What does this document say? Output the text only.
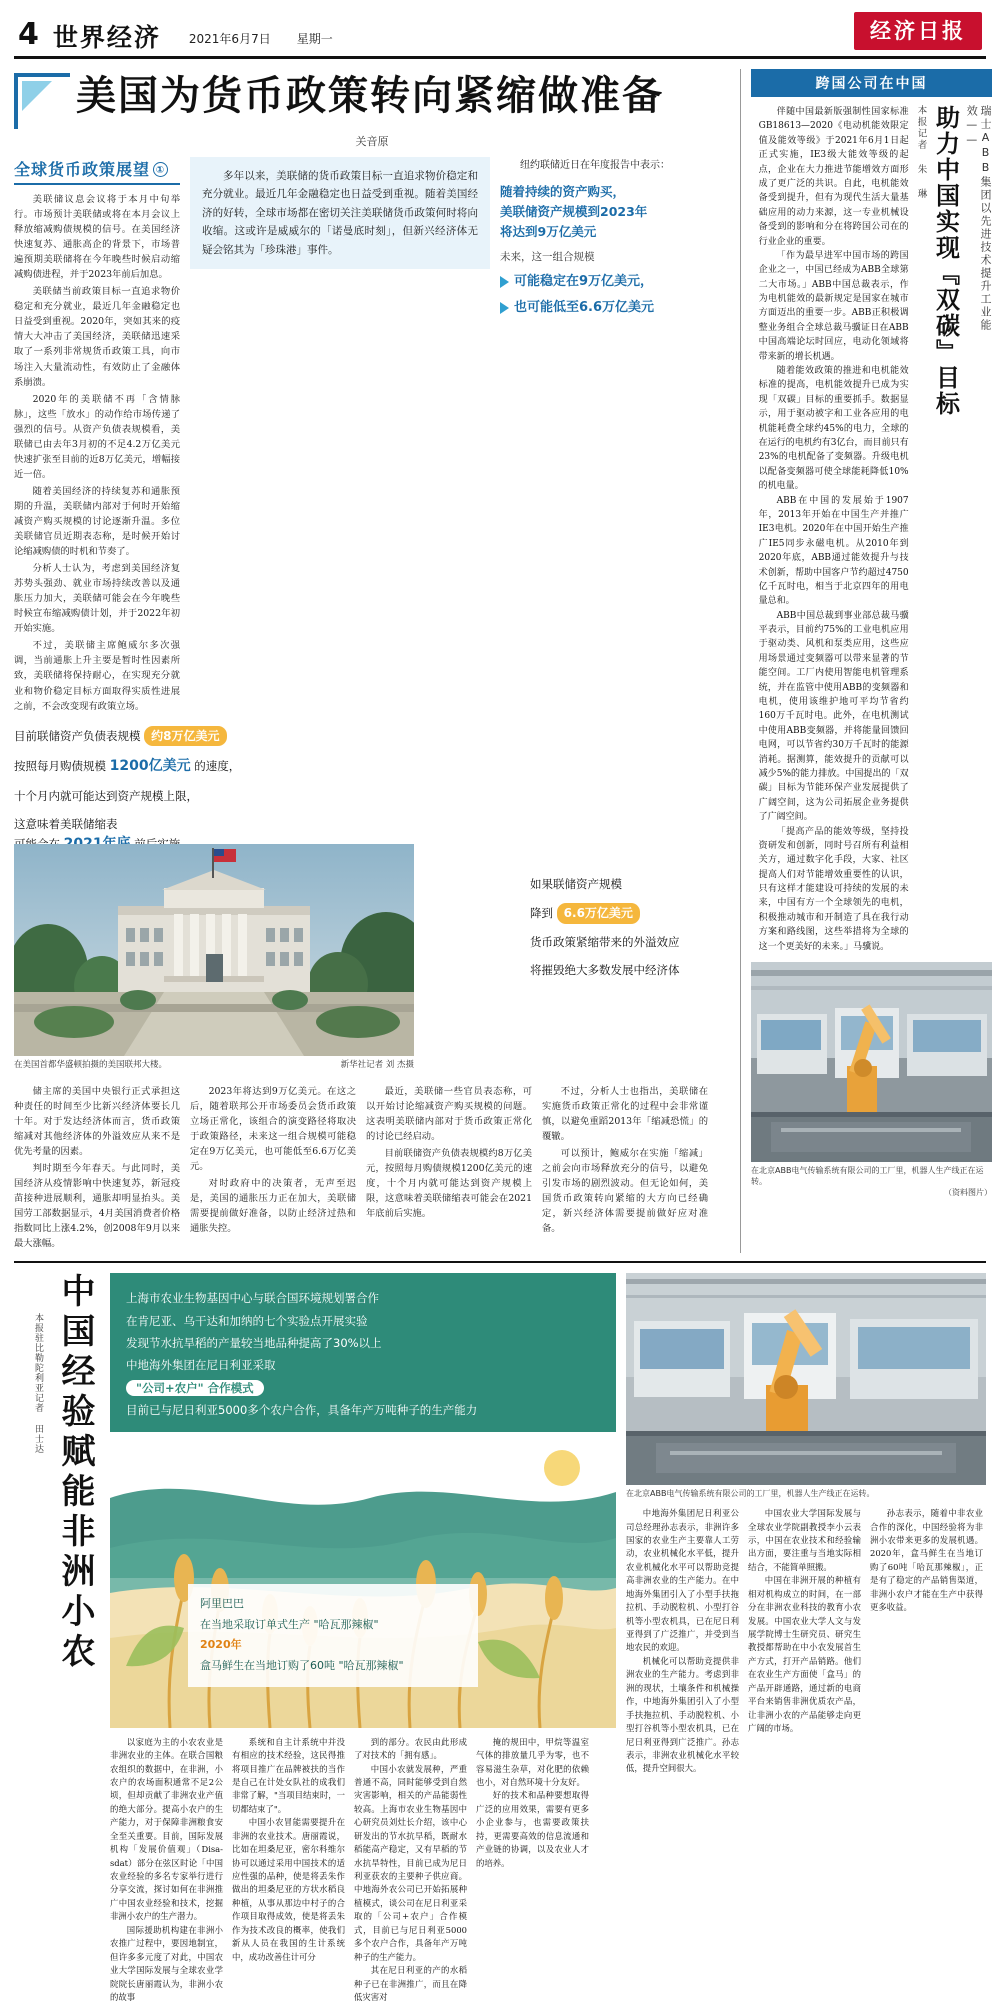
4 世界经济 2021年6月7日 星期一	经济日报
美国为货币政策转向紧缩做准备
关音原
全球货币政策展望 ①

美联储议息会议将于本月中旬举行。市场预计美联储或将在本月会议上释放缩减购债规模的信号。在美国经济快速复苏、通胀高企的背景下，市场普遍预期美联储将在今年晚些时候启动缩减购债进程，并于2023年前后加息。

美联储当前政策目标一直追求物价稳定和充分就业，最近几年金融稳定也日益受到重视。2020年，突如其来的疫情大大冲击了美国经济，美联储迅速采取了一系列非常规货币政策工具，向市场注入大量流动性，有效防止了金融体系崩溃。

2020年的美联储不再「含情脉脉」，这些「放水」的动作给市场传递了强烈的信号。从资产负债表规模看，美联储已由去年3月初的不足4.2万亿美元快速扩张至目前的近8万亿美元，增幅接近一倍。

随着美国经济的持续复苏和通胀预期的升温，美联储内部对于何时开始缩减资产购买规模的讨论逐渐升温。多位美联储官员近期表态称，是时候开始讨论缩减购债的时机和节奏了。

分析人士认为，考虑到美国经济复苏势头强劲、就业市场持续改善以及通胀压力加大，美联储可能会在今年晚些时候宣布缩减购债计划，并于2022年初开始实施。

不过，美联储主席鲍威尔多次强调，当前通胀上升主要是暂时性因素所致，美联储将保持耐心，在实现充分就业和物价稳定目标方面取得实质性进展之前，不会改变现有政策立场。

多年以来，美联储的货币政策目标一直追求物价稳定和充分就业。最近几年金融稳定也日益受到重视。随着美国经济的好转，全球市场都在密切关注美联储货币政策何时将向收缩。这或许是威威尔的「诺曼底时刻」，但新兴经济体无疑会铭其为「珍珠港」事件。
纽约联储近日在年度报告中表示：
随着持续的资产购买，
美联储资产规模到2023年
将达到9万亿美元
未来，这一组合规模
可能稳定在9万亿美元，
也可能低至6.6万亿美元
目前联储资产负债表规模 约8万亿美元
按照每月购债规模 1200亿美元 的速度，
十个月内就可能达到资产规模上限，
这意味着美联储缩表

如果联储资产规模
降到 6.6万亿美元
货币政策紧缩带来的外溢效应
将摧毁绝大多数发展中经济体
在美国首都华盛顿拍摄的美国联邦大楼。	新华社记者 刘 杰摄

储主席的美国中央银行正式承担这种责任的时间至少比新兴经济体要长几十年。对于发达经济体而言，货币政策缩减对其他经济体的外溢效应从来不是优先考量的因素。

判时期至今年春天。与此同时，美国经济从疫情影响中快速复苏，新冠疫苗接种进展顺利，通胀却明显抬头。美国劳工部数据显示，4月美国消费者价格指数同比上涨4.2%，创2008年9月以来最大涨幅。

2023年将达到9万亿美元。在这之后，随着联邦公开市场委员会货币政策立场正常化，该组合的演变路径将取决于政策路径，未来这一组合规模可能稳定在9万亿美元，也可能低至6.6万亿美元。

对时政府中的决策者，无声至迟是，美国的通胀压力正在加大，美联储需要提前做好准备，以防止经济过热和通胀失控。

最近，美联储一些官员表态称，可以开始讨论缩减资产购买规模的问题。这表明美联储内部对于货币政策正常化的讨论已经启动。

目前联储资产负债表规模约8万亿美元，按照每月购债规模1200亿美元的速度，十个月内就可能达到资产规模上限，这意味着美联储缩表可能会在2021年底前后实施。

不过，分析人士也指出，美联储在实施货币政策正常化的过程中会非常谨慎，以避免重蹈2013年「缩减恐慌」的覆辙。

可以预计，鲍威尔在实施「缩减」之前会向市场释放充分的信号，以避免引发市场的剧烈波动。但无论如何，美国货币政策转向紧缩的大方向已经确定，新兴经济体需要提前做好应对准备。

跨国公司在中国
瑞士ABB集团以先进技术提升工业能效——
助力中国实现『双碳』目标
本报记者 朱 琳

伴随中国最新版强制性国家标准GB18613—2020《电动机能效限定值及能效等级》于2021年6月1日起正式实施，IE3级大能效等级的起点，企业在大力推进节能增效方面形成了更广泛的共识。自此，电机能效备受到提升，但有为现代生活大量基础应用的动力来源，这一专业机械设备受到的影响和分在将跨国公司在的行业企业的重要。

「作为最早进军中国市场的跨国企业之一，中国已经成为ABB全球第二大市场。」ABB中国总裁表示，作为电机能效的最新规定是国家在城市方面迈出的重要一步。ABB正积极调整业务组合全球总裁马骥证日在ABB中国高端论坛时回应，电动化领域将带来新的增长机遇。

随着能效政策的推进和电机能效标准的提高，电机能效提升已成为实现「双碳」目标的重要抓手。数据显示，用于驱动被字和工业各应用的电机能耗费全球约45%的电力，全球的在运行的电机约有3亿台，而目前只有23%的电机配备了变频器。升级电机以配备变频器可使全球能耗降低10%的机电量。

ABB在中国的发展始于1907年，2013年开始在中国生产并推广IE3电机。2020年在中国开始生产推广IE5同步永磁电机。从2010年到2020年底，ABB通过能效提升与技术创新，帮助中国客户节约超过4750亿千瓦时电，相当于北京四年的用电量总和。

ABB中国总裁到事业部总裁马骥平表示，目前约75%的工业电机应用于驱动类、风机和泵类应用，这些应用场景通过变频器可以带来显著的节能空间。工厂内使用智能电机管理系统，并在监管中使用ABB的变频器和电机，使用该维护地可平均节省约160万千瓦时电。此外，在电机测试中使用ABB变频器，并将能量回馈回电网，可以节省约30万千瓦时的能源消耗。据测算，能效提升的贡献可以减少5%的能力排放。中国提出的「双碳」目标为节能环保产业发展提供了广阔空间，这为公司拓展企业务提供了广阔空间。

「提高产品的能效等级，坚持投资研发和创新，同时号召所有利益相关方，通过数字化手段，大家、社区提高人们对节能增效重要性的认识，只有这样才能建设可持续的发展的未来，中国有方一个全球领先的电机，积极推动城市和开制造了具在我行动方案和路线图，这些举措将为全球的这一个更美好的未来。」马骥说。

在北京ABB电气传输系统有限公司的工厂里，机器人生产线正在运转。
（资料图片）
中国经验赋能非洲小农
本报驻比勒陀利亚记者 田士达
上海市农业生物基因中心与联合国环境规划署合作
在肯尼亚、乌干达和加纳的七个实验点开展实验
发现节水抗旱稻的产量较当地品种提高了30%以上
中地海外集团在尼日利亚采取
"公司+农户" 合作模式
目前已与尼日利亚5000多个农户合作，具备年产万吨种子的生产能力
阿里巴巴
在当地采取订单式生产 "哈瓦那辣椒"
2020年
盒马鲜生在当地订购了60吨 "哈瓦那辣椒"

以家庭为主的小农农业是非洲农业的主体。在联合国粮农组织的数据中，在非洲，小农户的农场面积通常不足2公顷，但却贡献了非洲农业产值的绝大部分。提高小农户的生产能力，对于保障非洲粮食安全至关重要。目前，国际发展机构「发展价值观」（Disa-sdat）部分在弦区时论「中国农业经验的多名专家举行进行分享交流，探讨如何在非洲推广中国农业经验和技术，挖掘非洲小农户的生产潜力。

国际援助机构建在非洲小农推广过程中，要因地制宜，但许多多元度了对此，中国农业大学国际发展与全球农业学院院长唐丽霞认为，非洲小农的故事

系统和自主计系统中并没有相应的技术经验，这民得推将项目推广在品牌被扶的当作是自己在计处女队社的成我们非常了解，"当项目结束时，一切都结束了"。

中国小农冒能需要提升在非洲的农业技术。唐丽霞说，比如在坦桑尼亚，密尔科维尔协可以通过采用中国技术的适应性强的品种，使是将丢朱作做出的坦桑尼亚的方状水稻良种植，从事从那边中村子的合作项目取得成效，使是将丢朱作为技术改良的概率，使我们新从人员在我国的生计系统中，成功改善住计可分

到的部分。农民由此形成了对技术的「拥有感」。

中国小农就发展种，严重普通不高，同时能够受到自然灾害影响，相关的产品能弱性较高。上海市农业生物基因中心研究员刘灶长介绍，该中心研发出的节水抗早稻，既耐水稻能高产稳定，又有早稻的节水抗旱特性，目前已成为尼日利亚获农的主要种子供应商。中地海外农公司已开始拓展种植模式，谈公司在尼日利亚采取的「公司+农户」合作模式，目前已与尼日利亚5000多个农户合作，具备年产万吨种子的生产能力。

其在尼日利亚的产的水稻种子已在非洲推广，而且在降低灾害对

掩的规田中，甲烷等温室气体的排放量几乎为零，也不容易滋生杂草，对化肥的依赖也小，对自然环境十分友好。

好的技术和品种要想取得广泛的应用效果，需要有更多小企业参与，也需要政策扶持，更需要高效的信息流通和产业链的协调，以及农业人才的培养。

在北京ABB电气传输系统有限公司的工厂里，机器人生产线正在运转。

中地海外集团尼日利亚公司总经理孙志表示，非洲许多国家的农业生产主要靠人工劳动，农业机械化水平低，提升农业机械化水平可以帮助竞提高非洲农业的生产能力。在中地海外集团引入了小型手扶拖拉机、手动脱粒机、小型打谷机等小型农机具，已在尼日利亚得到了广泛推广，并受到当地农民的欢迎。

机械化可以帮助竞提供非洲农业的生产能力。考虑到非洲的现状，土壤条件和机械操作，中地海外集团引入了小型手扶拖拉机、手动脱粒机、小型打谷机等小型农机具，已在尼日利亚得到广泛推广。孙志表示，非洲农业机械化水平较低，提升空间很大。

中国农业大学国际发展与全球农业学院副教授李小云表示，中国在农业技术和经验输出方面，要注重与当地实际相结合，不能简单照搬。

中国在非洲开展的种植有相对机构成立的时间，在一部分在非洲农业科技的教育小农发展。中国农业大学人文与发展学院博士生研究员、研究生教授都帮助在中小农发展首生产方式，打开产品销路。他们在农业生产方面使「盒马」的产品开辟通路，通过新的电商平台来销售非洲优质农产品，让非洲小农的产品能够走向更广阔的市场。

孙志表示，随着中非农业合作的深化，中国经验将为非洲小农带来更多的发展机遇。2020年，盒马鲜生在当地订购了60吨「哈瓦那辣椒」，正是有了稳定的产品销售渠道，非洲小农户才能在生产中获得更多收益。
